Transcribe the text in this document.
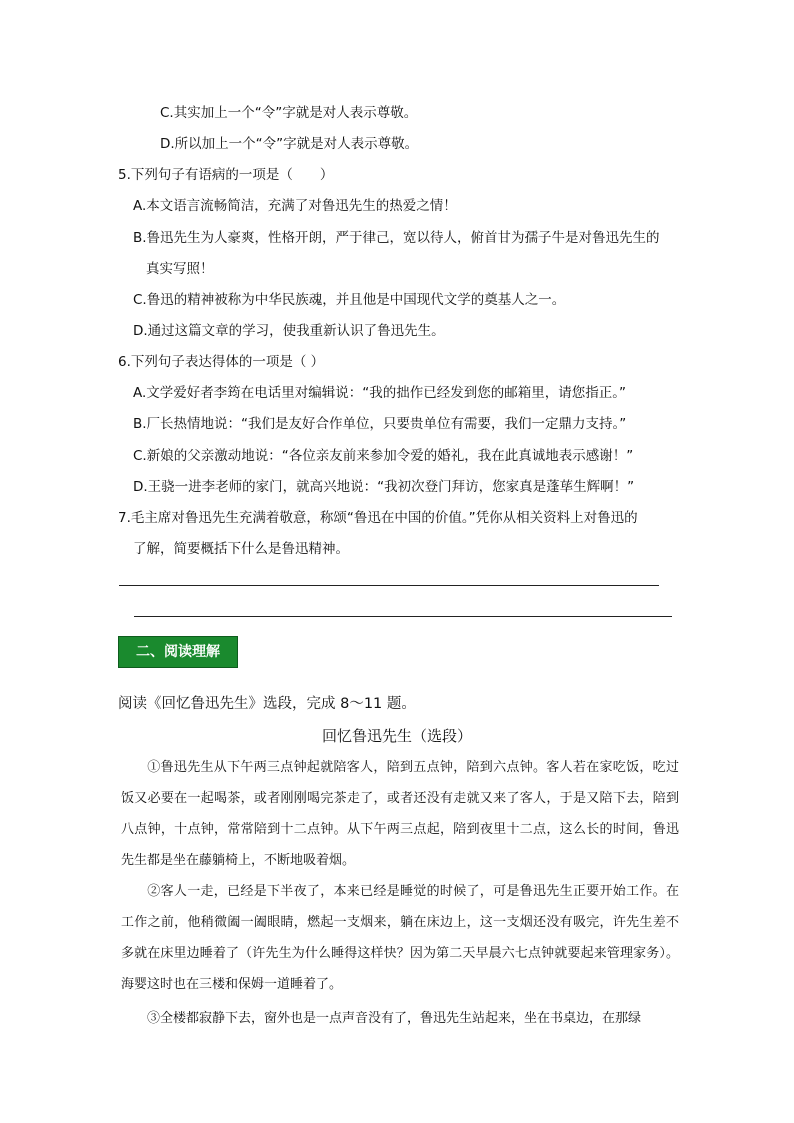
C.其实加上一个“令”字就是对人表示尊敬。
D.所以加上一个“令”字就是对人表示尊敬。
5.下列句子有语病的一项是（　　）
A.本文语言流畅简洁，充满了对鲁迅先生的热爱之情！
B.鲁迅先生为人豪爽，性格开朗，严于律己，宽以待人，俯首甘为孺子牛是对鲁迅先生的
真实写照！
C.鲁迅的精神被称为中华民族魂，并且他是中国现代文学的奠基人之一。
D.通过这篇文章的学习，使我重新认识了鲁迅先生。
6.下列句子表达得体的一项是（ ）
A.文学爱好者李筠在电话里对编辑说：“我的拙作已经发到您的邮箱里，请您指正。”
B.厂长热情地说：“我们是友好合作单位，只要贵单位有需要，我们一定鼎力支持。”
C.新娘的父亲激动地说：“各位亲友前来参加令爱的婚礼，我在此真诚地表示感谢！”
D.王骁一进李老师的家门，就高兴地说：“我初次登门拜访，您家真是蓬荜生辉啊！”
7.毛主席对鲁迅先生充满着敬意，称颂“鲁迅在中国的价值。”凭你从相关资料上对鲁迅的
了解，简要概括下什么是鲁迅精神。
二、阅读理解
阅读《回忆鲁迅先生》选段，完成 8～11 题。
回忆鲁迅先生（选段）
①鲁迅先生从下午两三点钟起就陪客人，陪到五点钟，陪到六点钟。客人若在家吃饭，吃过饭又必要在一起喝茶，或者刚刚喝完茶走了，或者还没有走就又来了客人，于是又陪下去，陪到八点钟，十点钟，常常陪到十二点钟。从下午两三点起，陪到夜里十二点，这么长的时间，鲁迅先生都是坐在藤躺椅上，不断地吸着烟。
②客人一走，已经是下半夜了，本来已经是睡觉的时候了，可是鲁迅先生正要开始工作。在工作之前，他稍微阖一阖眼睛，燃起一支烟来，躺在床边上，这一支烟还没有吸完，许先生差不多就在床里边睡着了（许先生为什么睡得这样快？因为第二天早晨六七点钟就要起来管理家务）。海婴这时也在三楼和保姆一道睡着了。
③全楼都寂静下去，窗外也是一点声音没有了，鲁迅先生站起来，坐在书桌边，在那绿
